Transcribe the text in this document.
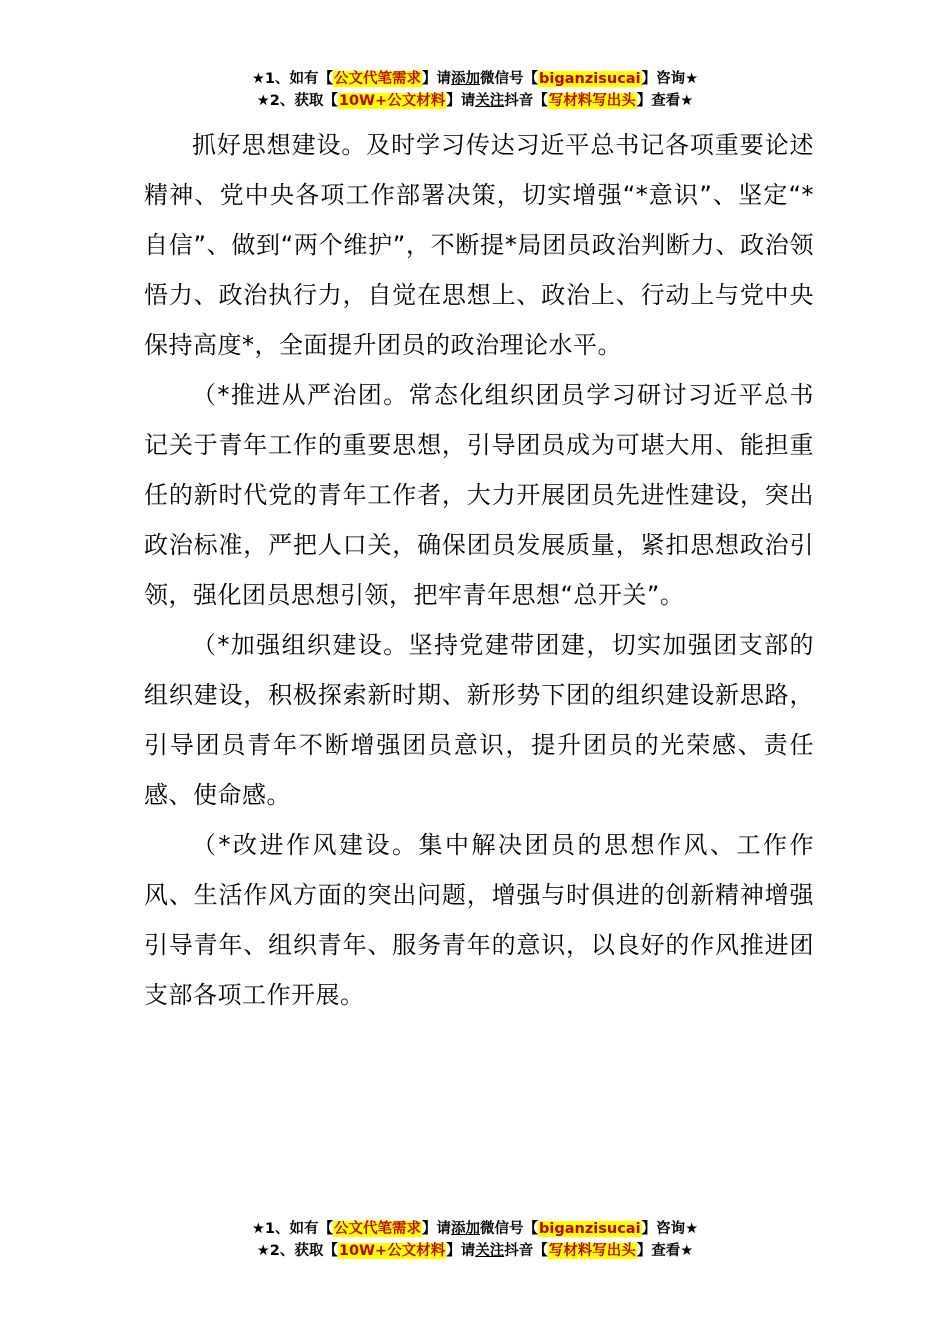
★1、如有【公文代笔需求】请添加微信号【biganzisucai】咨询★
★2、获取【10W+公文材料】请关注抖音【写材料写出头】查看★

抓好思想建设。及时学习传达习近平总书记各项重要论述精神、党中央各项工作部署决策，切实增强“*意识”、坚定“*自信”、做到“两个维护”，不断提*局团员政治判断力、政治领悟力、政治执行力，自觉在思想上、政治上、行动上与党中央保持高度*，全面提升团员的政治理论水平。

（*推进从严治团。常态化组织团员学习研讨习近平总书记关于青年工作的重要思想，引导团员成为可堪大用、能担重任的新时代党的青年工作者，大力开展团员先进性建设，突出政治标准，严把人口关，确保团员发展质量，紧扣思想政治引领，强化团员思想引领，把牢青年思想“总开关”。

（*加强组织建设。坚持党建带团建，切实加强团支部的组织建设，积极探索新时期、新形势下团的组织建设新思路，引导团员青年不断增强团员意识，提升团员的光荣感、责任感、使命感。

（*改进作风建设。集中解决团员的思想作风、工作作风、生活作风方面的突出问题，增强与时俱进的创新精神增强引导青年、组织青年、服务青年的意识，以良好的作风推进团支部各项工作开展。

★1、如有【公文代笔需求】请添加微信号【biganzisucai】咨询★
★2、获取【10W+公文材料】请关注抖音【写材料写出头】查看★
